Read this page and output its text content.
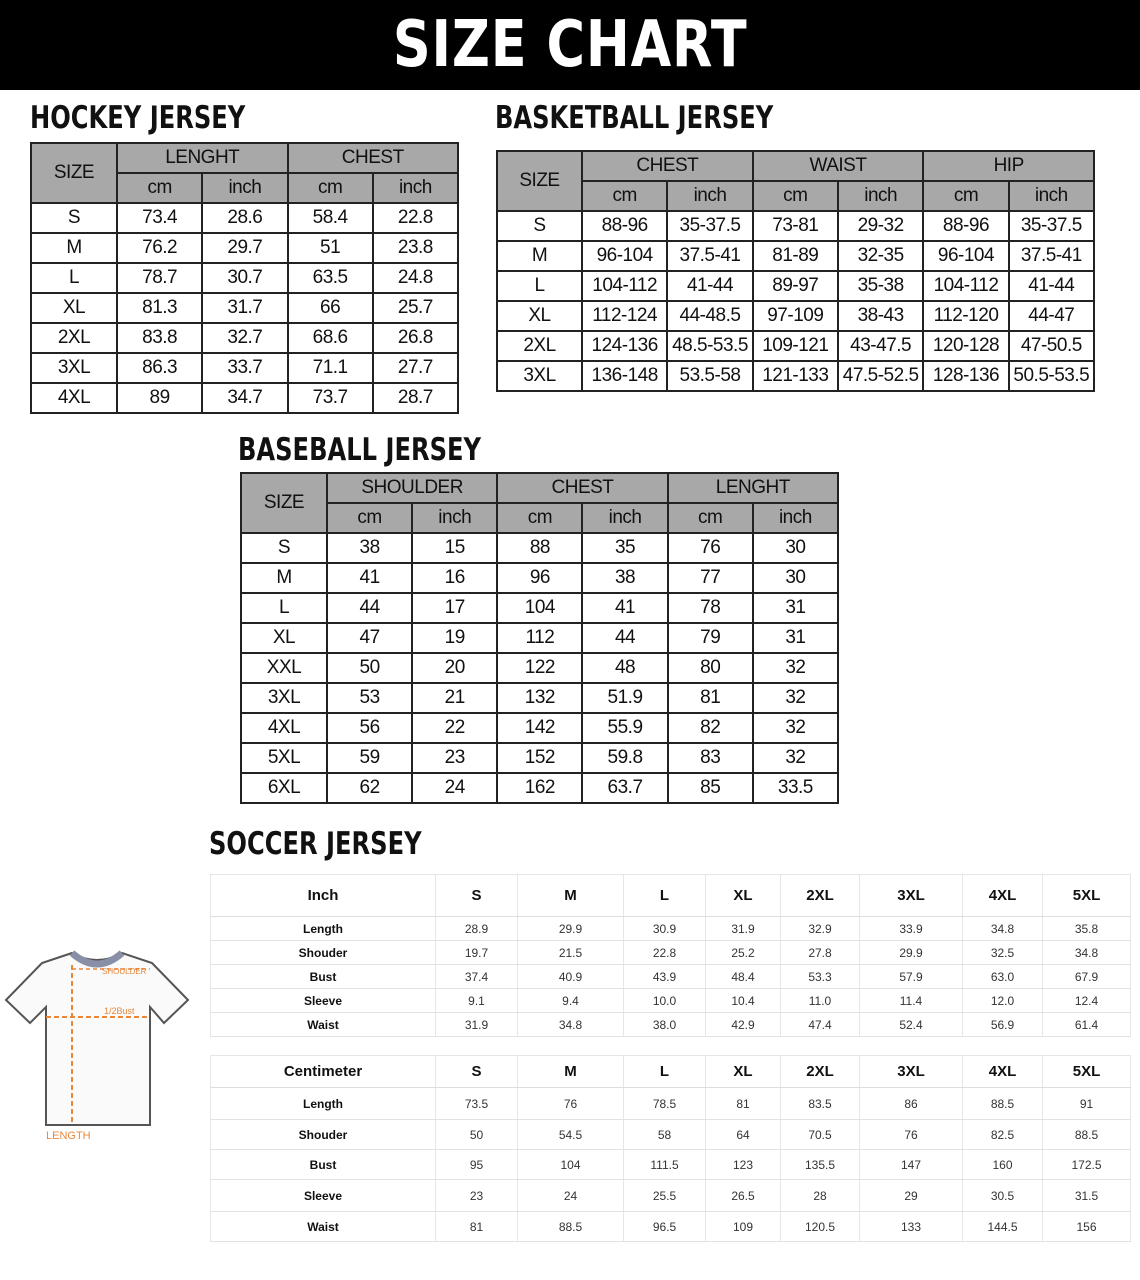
SIZE CHART
HOCKEY JERSEY
SIZE	LENGHT		CHEST	
	cm	inch	cm	inch
S	73.4	28.6	58.4	22.8
M	76.2	29.7	51	23.8
L	78.7	30.7	63.5	24.8
XL	81.3	31.7	66	25.7
2XL	83.8	32.7	68.6	26.8
3XL	86.3	33.7	71.1	27.7
4XL	89	34.7	73.7	28.7
BASKETBALL JERSEY
SIZE	CHEST		WAIST		HIP	
	cm	inch	cm	inch	cm	inch
S	88-96	35-37.5	73-81	29-32	88-96	35-37.5
M	96-104	37.5-41	81-89	32-35	96-104	37.5-41
L	104-112	41-44	89-97	35-38	104-112	41-44
XL	112-124	44-48.5	97-109	38-43	112-120	44-47
2XL	124-136	48.5-53.5	109-121	43-47.5	120-128	47-50.5
3XL	136-148	53.5-58	121-133	47.5-52.5	128-136	50.5-53.5
BASEBALL JERSEY
SIZE	SHOULDER		CHEST		LENGHT	
	cm	inch	cm	inch	cm	inch
S	38	15	88	35	76	30
M	41	16	96	38	77	30
L	44	17	104	41	78	31
XL	47	19	112	44	79	31
XXL	50	20	122	48	80	32
3XL	53	21	132	51.9	81	32
4XL	56	22	142	55.9	82	32
5XL	59	23	152	59.8	83	32
6XL	62	24	162	63.7	85	33.5
SOCCER JERSEY
SHOULDER
1/2Bust
LENGTH
Inch	S	M	L	XL	2XL	3XL	4XL	5XL
Length	28.9	29.9	30.9	31.9	32.9	33.9	34.8	35.8
Shouder	19.7	21.5	22.8	25.2	27.8	29.9	32.5	34.8
Bust	37.4	40.9	43.9	48.4	53.3	57.9	63.0	67.9
Sleeve	9.1	9.4	10.0	10.4	11.0	11.4	12.0	12.4
Waist	31.9	34.8	38.0	42.9	47.4	52.4	56.9	61.4
Centimeter	S	M	L	XL	2XL	3XL	4XL	5XL
Length	73.5	76	78.5	81	83.5	86	88.5	91
Shouder	50	54.5	58	64	70.5	76	82.5	88.5
Bust	95	104	111.5	123	135.5	147	160	172.5
Sleeve	23	24	25.5	26.5	28	29	30.5	31.5
Waist	81	88.5	96.5	109	120.5	133	144.5	156
